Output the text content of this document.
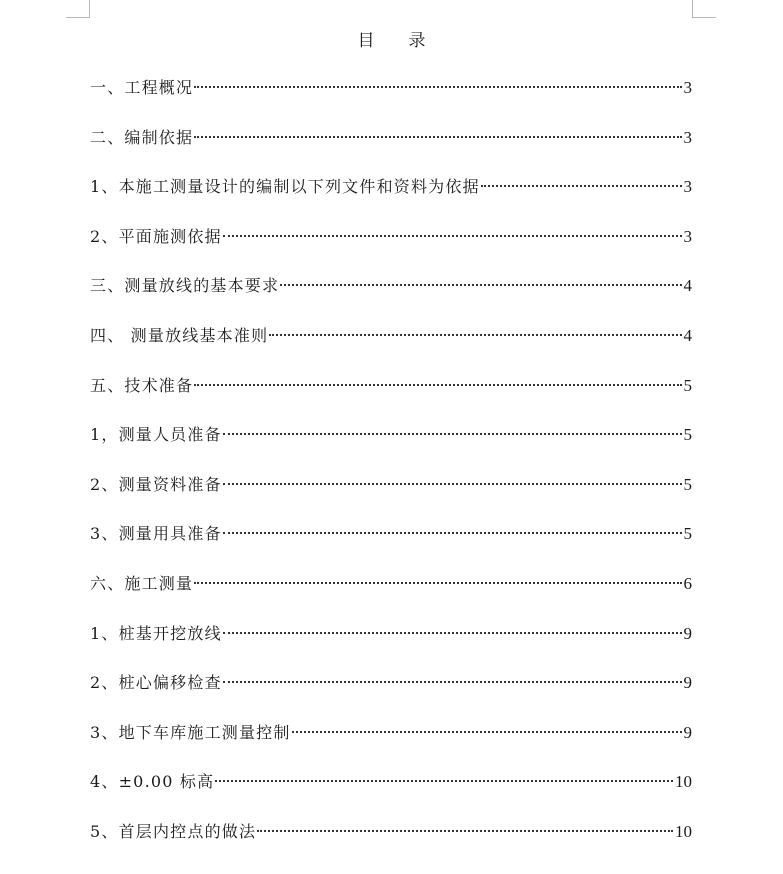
目　　录
一、工程概况	3
二、编制依据	3
1、本施工测量设计的编制以下列文件和资料为依据	3
2、平面施测依据	3
三、测量放线的基本要求	4
四、 测量放线基本准则	4
五、技术准备	5
1，测量人员准备	5
2、测量资料准备	5
3、测量用具准备	5
六、施工测量	6
1、桩基开挖放线	9
2、桩心偏移检查	9
3、地下车库施工测量控制	9
4、±0.00 标高	10
5、首层内控点的做法	10
